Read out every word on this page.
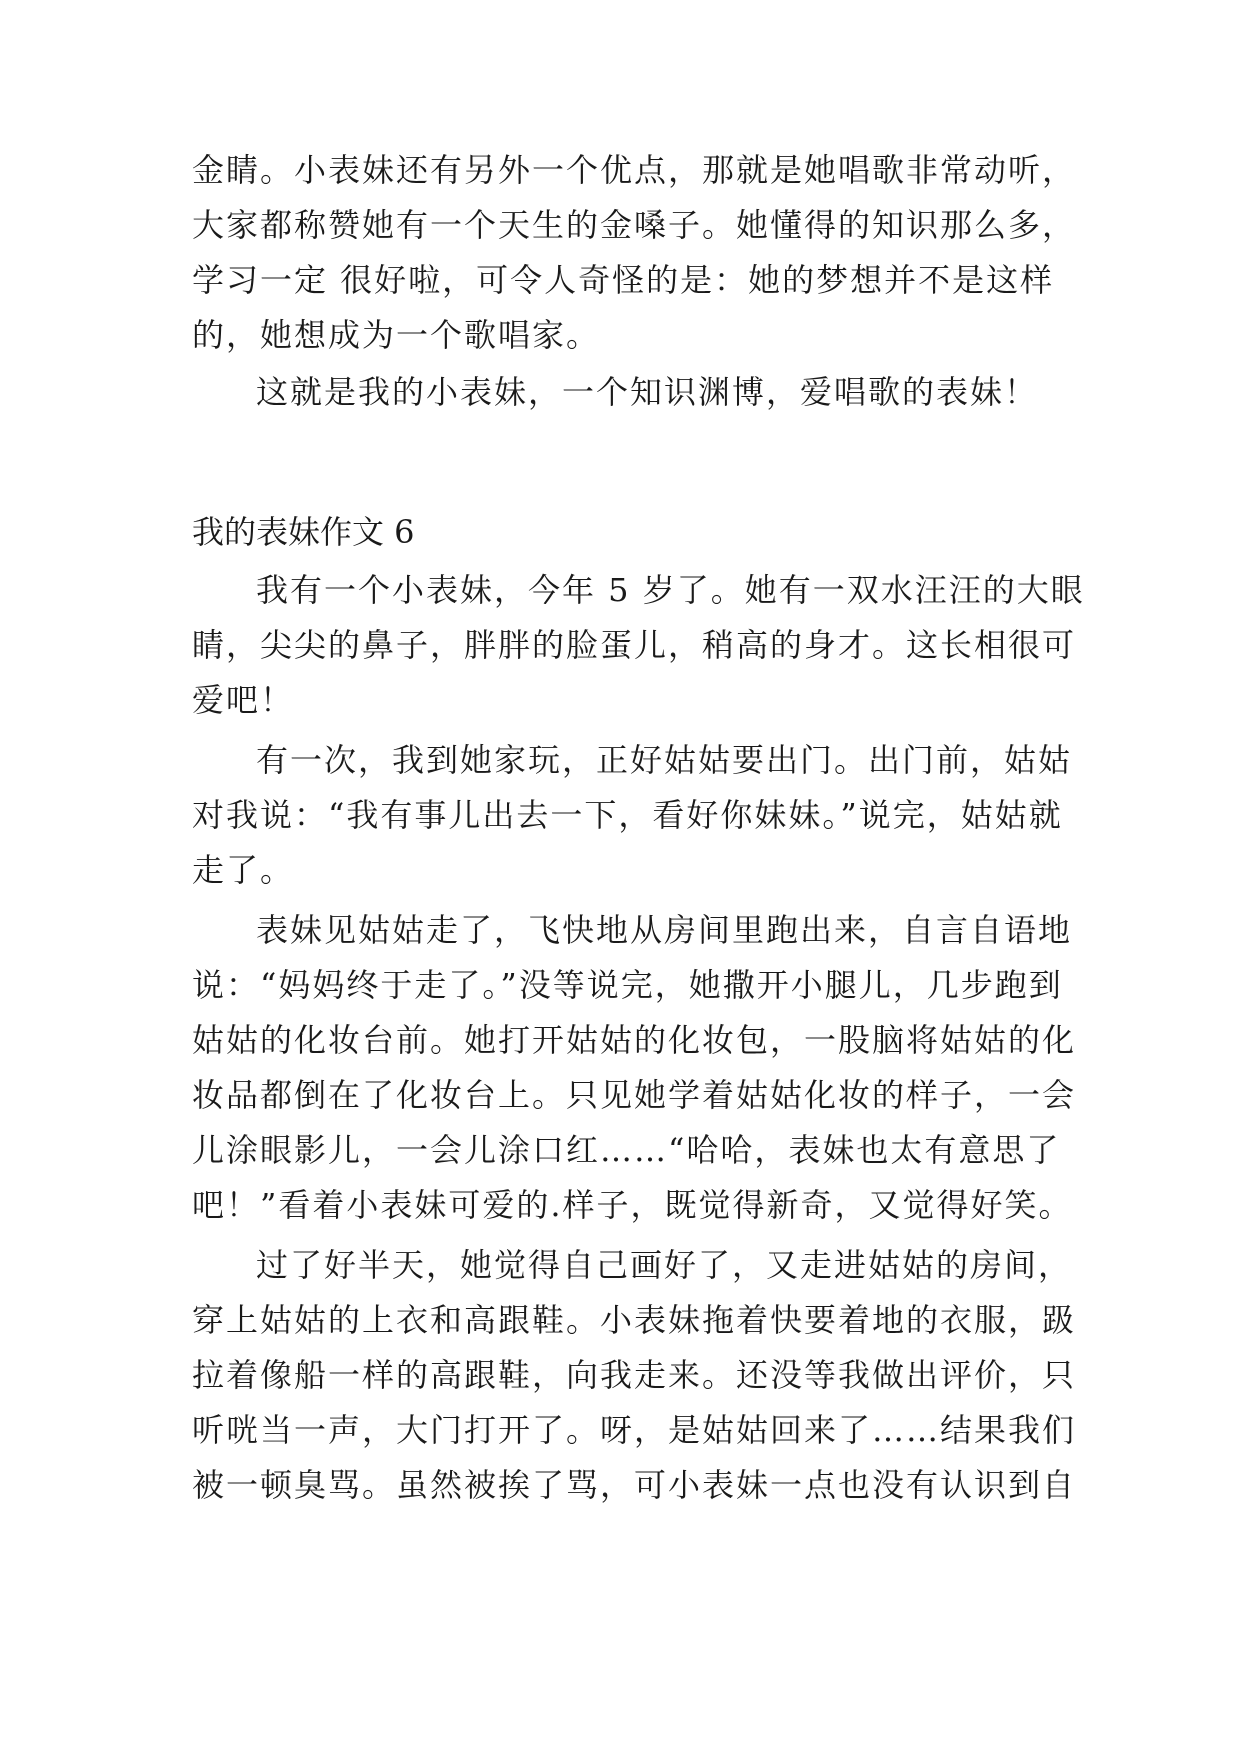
金睛。小表妹还有另外一个优点，那就是她唱歌非常动听，
大家都称赞她有一个天生的金嗓子。她懂得的知识那么多，
学习一定 很好啦，可令人奇怪的是：她的梦想并不是这样
的，她想成为一个歌唱家。
这就是我的小表妹，一个知识渊博，爱唱歌的表妹！
我的表妹作文 6
我有一个小表妹，今年 5 岁了。她有一双水汪汪的大眼
睛，尖尖的鼻子，胖胖的脸蛋儿，稍高的身才。这长相很可
爱吧！
有一次，我到她家玩，正好姑姑要出门。出门前，姑姑
对我说：“我有事儿出去一下，看好你妹妹。”说完，姑姑就
走了。
表妹见姑姑走了，飞快地从房间里跑出来，自言自语地
说：“妈妈终于走了。”没等说完，她撒开小腿儿，几步跑到
姑姑的化妆台前。她打开姑姑的化妆包，一股脑将姑姑的化
妆品都倒在了化妆台上。只见她学着姑姑化妆的样子，一会
儿涂眼影儿，一会儿涂口红……“哈哈，表妹也太有意思了
吧！”看着小表妹可爱的.样子，既觉得新奇，又觉得好笑。
过了好半天，她觉得自己画好了，又走进姑姑的房间，
穿上姑姑的上衣和高跟鞋。小表妹拖着快要着地的衣服，趿
拉着像船一样的高跟鞋，向我走来。还没等我做出评价，只
听咣当一声，大门打开了。呀，是姑姑回来了……结果我们
被一顿臭骂。虽然被挨了骂，可小表妹一点也没有认识到自
